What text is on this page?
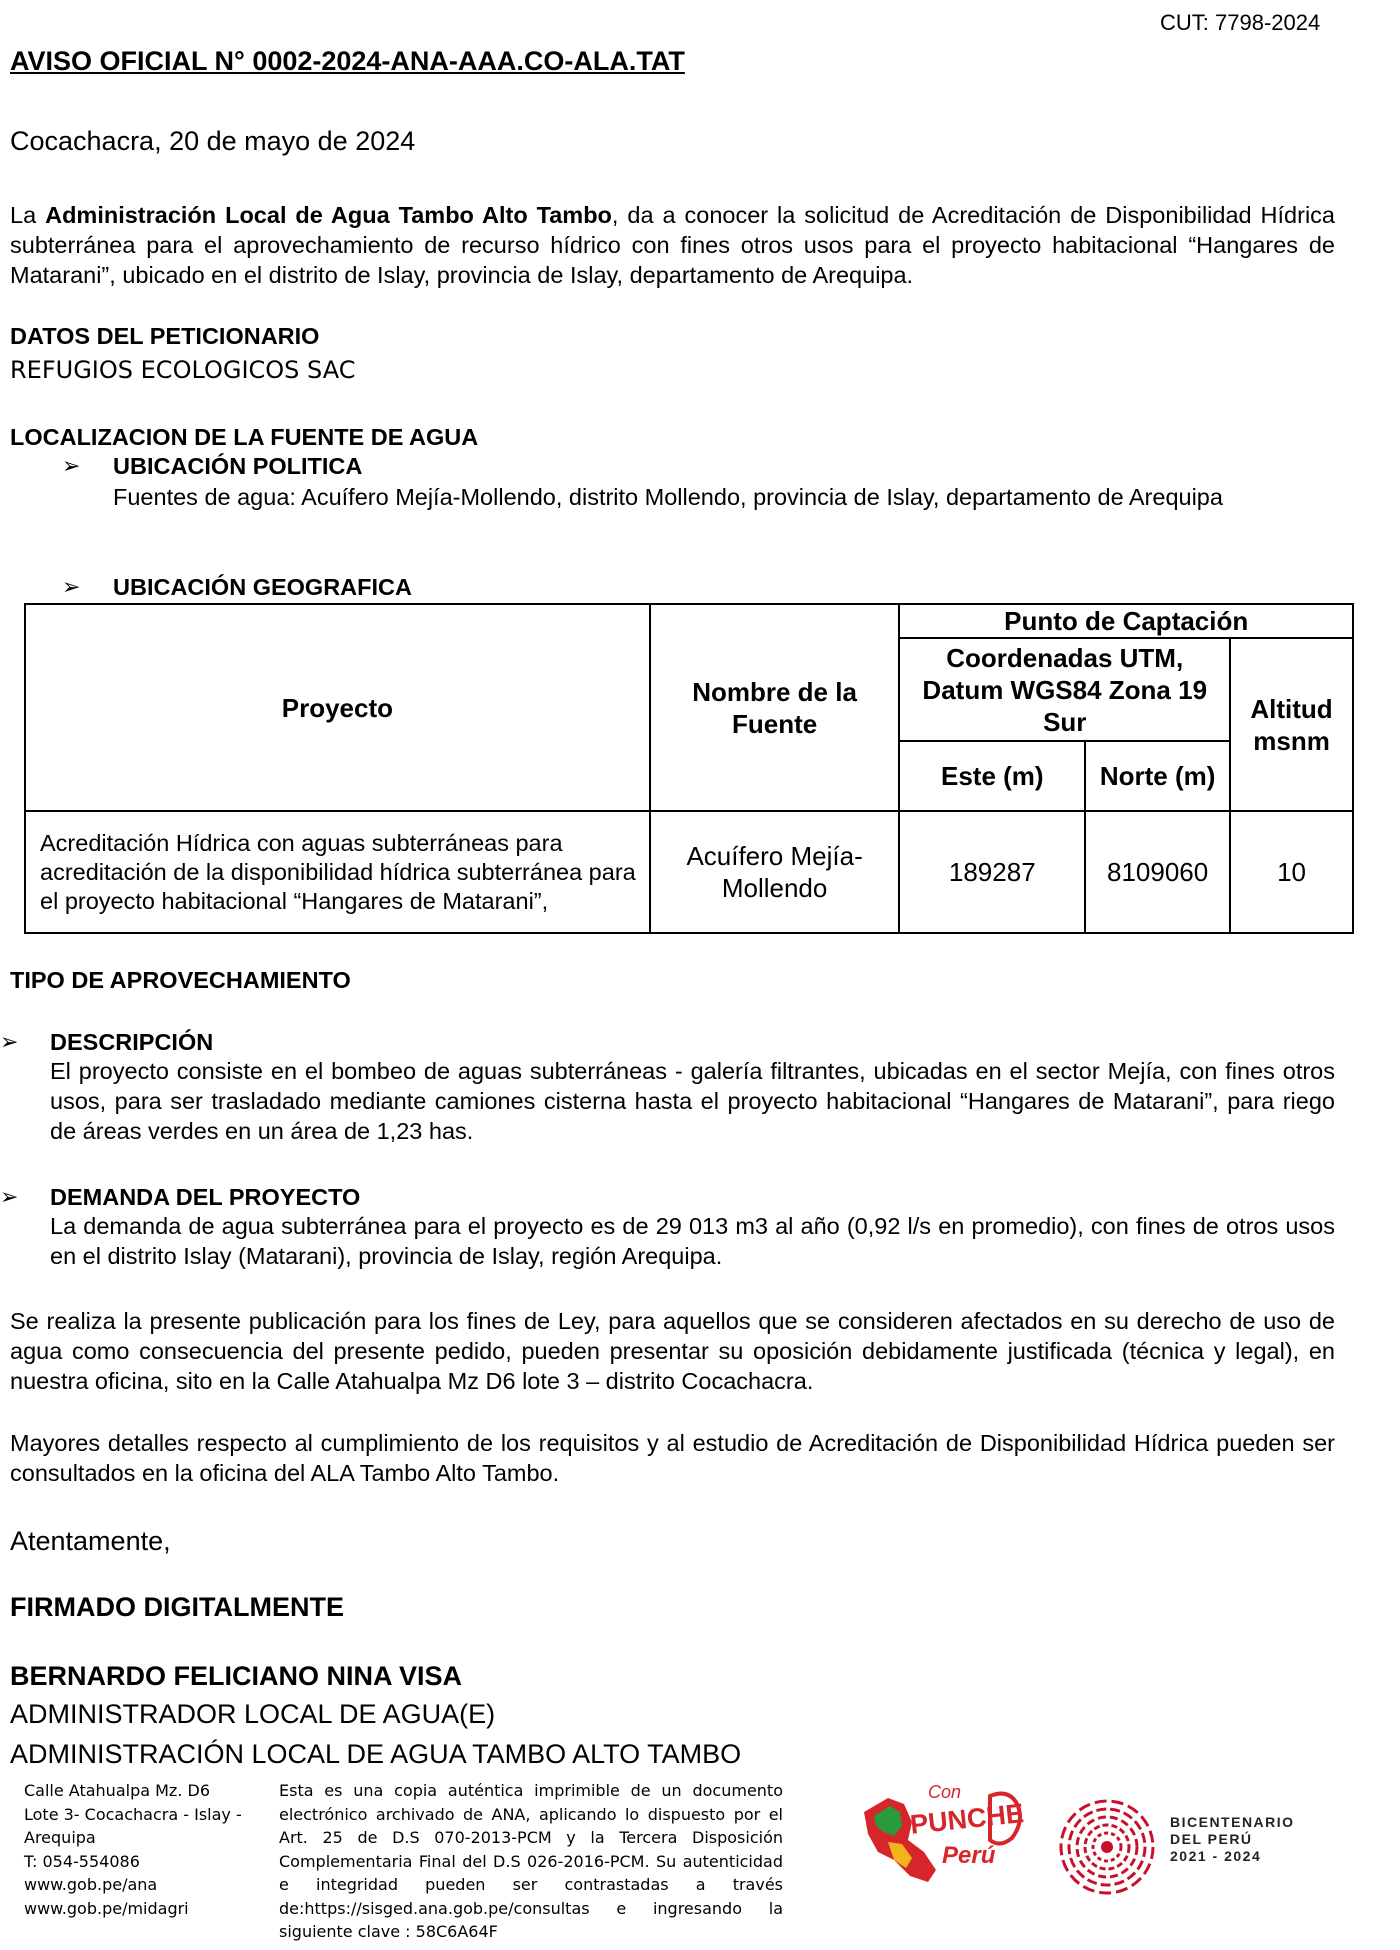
CUT: 7798-2024
AVISO OFICIAL N° 0002-2024-ANA-AAA.CO-ALA.TAT
Cocachacra, 20 de mayo de 2024
La Administración Local de Agua Tambo Alto Tambo, da a conocer la solicitud de Acreditación de Disponibilidad Hídrica subterránea para el aprovechamiento de recurso hídrico con fines otros usos para el proyecto habitacional “Hangares de Matarani”, ubicado en el distrito de Islay, provincia de Islay, departamento de Arequipa.
DATOS DEL PETICIONARIO
REFUGIOS ECOLOGICOS SAC
LOCALIZACION DE LA FUENTE DE AGUA
➢ UBICACIÓN POLITICA
Fuentes de agua: Acuífero Mejía-Mollendo, distrito Mollendo, provincia de Islay, departamento de Arequipa
➢ UBICACIÓN GEOGRAFICA
Proyecto	Nombre de la Fuente	Punto de Captación		
		Coordenadas UTM, Datum WGS84 Zona 19 Sur		Altitud msnm
		Este (m)	Norte (m)	
Acreditación Hídrica con aguas subterráneas para acreditación de la disponibilidad hídrica subterránea para el proyecto habitacional “Hangares de Matarani”,	Acuífero Mejía-Mollendo	189287	8109060	10
TIPO DE APROVECHAMIENTO
➢ DESCRIPCIÓN
El proyecto consiste en el bombeo de aguas subterráneas - galería filtrantes, ubicadas en el sector Mejía, con fines otros usos, para ser trasladado mediante camiones cisterna hasta el proyecto habitacional “Hangares de Matarani”, para riego de áreas verdes en un área de 1,23 has.
➢ DEMANDA DEL PROYECTO
La demanda de agua subterránea para el proyecto es de 29 013 m3 al año (0,92 l/s en promedio), con fines de otros usos en el distrito Islay (Matarani), provincia de Islay, región Arequipa.
Se realiza la presente publicación para los fines de Ley, para aquellos que se consideren afectados en su derecho de uso de agua como consecuencia del presente pedido, pueden presentar su oposición debidamente justificada (técnica y legal), en nuestra oficina, sito en la Calle Atahualpa Mz D6 lote 3 – distrito Cocachacra.
Mayores detalles respecto al cumplimiento de los requisitos y al estudio de Acreditación de Disponibilidad Hídrica pueden ser consultados en la oficina del ALA Tambo Alto Tambo.
Atentamente,
FIRMADO DIGITALMENTE
BERNARDO FELICIANO NINA VISA
ADMINISTRADOR LOCAL DE AGUA(E)
ADMINISTRACIÓN LOCAL DE AGUA TAMBO ALTO TAMBO
Calle Atahualpa Mz. D6
Lote 3- Cocachacra - Islay -
Arequipa
T: 054-554086
www.gob.pe/ana
www.gob.pe/midagri
Esta es una copia auténtica imprimible de un documento electrónico archivado de ANA, aplicando lo dispuesto por el Art. 25 de D.S 070-2013-PCM y la Tercera Disposición Complementaria Final del D.S 026-2016-PCM. Su autenticidad e integridad pueden ser contrastadas a través de:https://sisged.ana.gob.pe/consultas e ingresando la siguiente clave : 58C6A64F
Con
PUNCHE
Perú
BICENTENARIO
DEL PERÚ
2021 - 2024
